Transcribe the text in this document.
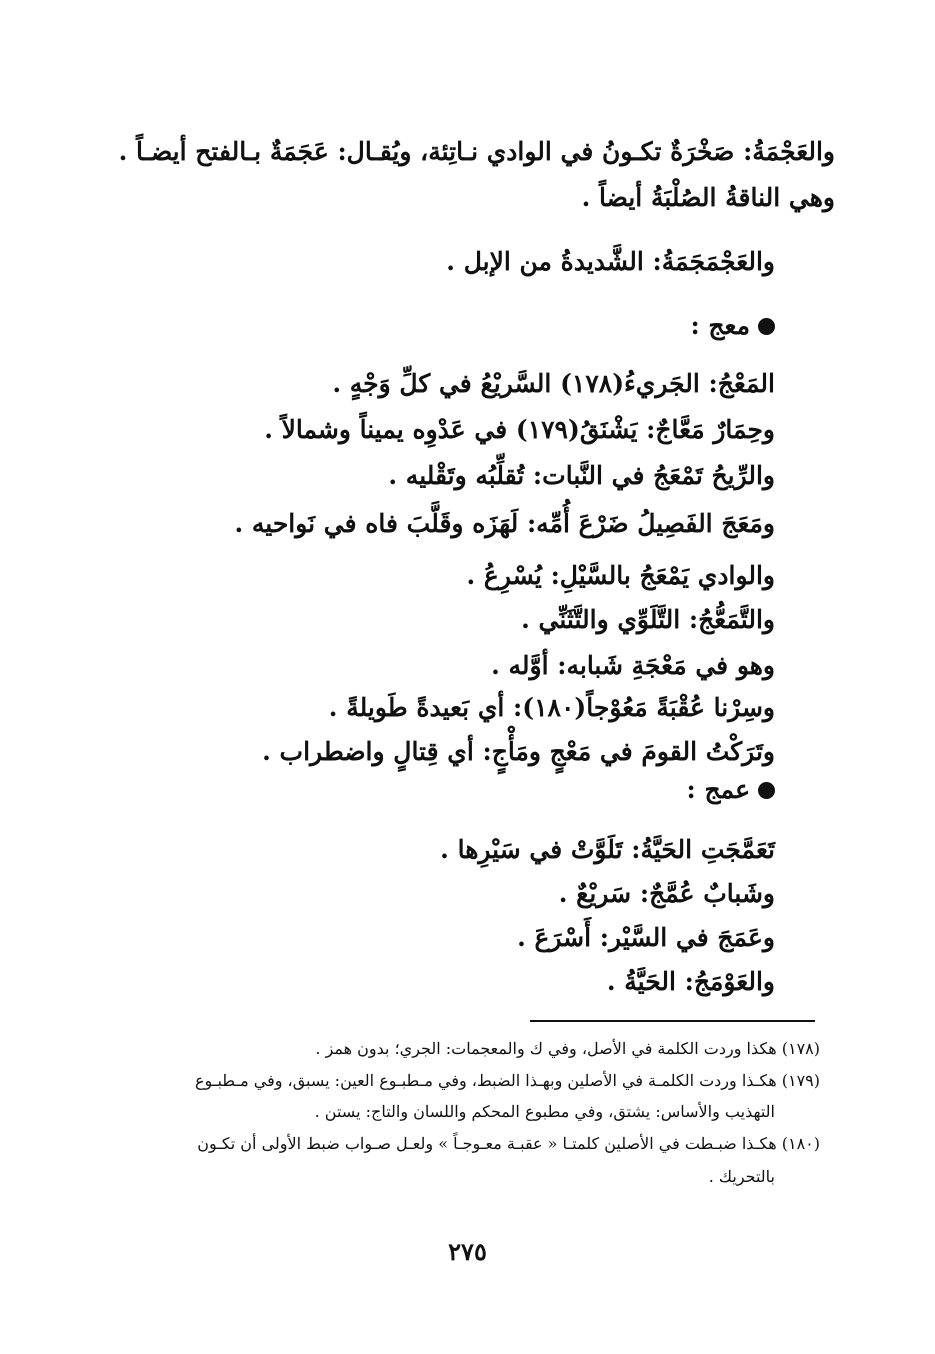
والعَجْمَةُ: صَخْرَةٌ تكـونُ في الوادي نـاتِئة، ويُقـال: عَجَمَةٌ بـالفتح أيضـاً .
وهي الناقةُ الصُلْبَةُ أيضاً .
والعَجْمَجَمَةُ: الشَّديدةُ من الإبل .
معج :
المَعْجُ: الجَري‌ءُ(١٧٨) السَّريْعُ في كلِّ وَجْهٍ .
وحِمَارٌ مَعَّاجٌ: يَشْنَقُ(١٧٩) في عَدْوِه يميناً وشمالاً .
والرِّيحُ تَمْعَجُ في النَّبات: تُقلِّبُه وتَقْليه .
ومَعَجَ الفَصِيلُ ضَرْعَ أُمِّه: لَهَزَه وقَلَّبَ فاه في نَواحيه .
والوادي يَمْعَجُ بالسَّيْلِ: يُسْرِعُ .
والتَّمَعُّجُ: التَّلَوِّي والتَّثَنِّي .
وهو في مَعْجَةِ شَبابه: أوَّله .
وسِرْنا عُقْبَةً مَعُوْجاً(١٨٠): أي بَعيدةً طَويلةً .
وتَرَكْتُ القومَ في مَعْجٍ ومَأْجٍ: أي قِتالٍ واضطراب .
عمج :
تَعَمَّجَتِ الحَيَّةُ: تَلَوَّتْ في سَيْرِها .
وشَبابٌ عُمَّجٌ: سَريْعٌ .
وعَمَجَ في السَّيْر: أَسْرَعَ .
والعَوْمَجُ: الحَيَّةُ .
(١٧٨) هكذا وردت الكلمة في الأصل، وفي ك والمعجمات: الجري؛ بدون همز .
(١٧٩) هكـذا وردت الكلمـة في الأصلين وبهـذا الضبط، وفي مـطبـوع العين: يسبق، وفي مـطبـوع
التهذيب والأساس: يشتق، وفي مطبوع المحكم واللسان والتاج: يستن .
(١٨٠) هكـذا ضبـطت في الأصلين كلمتـا « عقبـة معـوجـاً » ولعـل صـواب ضبط الأولى أن تكـون
بالتحريك .
٢٧٥
